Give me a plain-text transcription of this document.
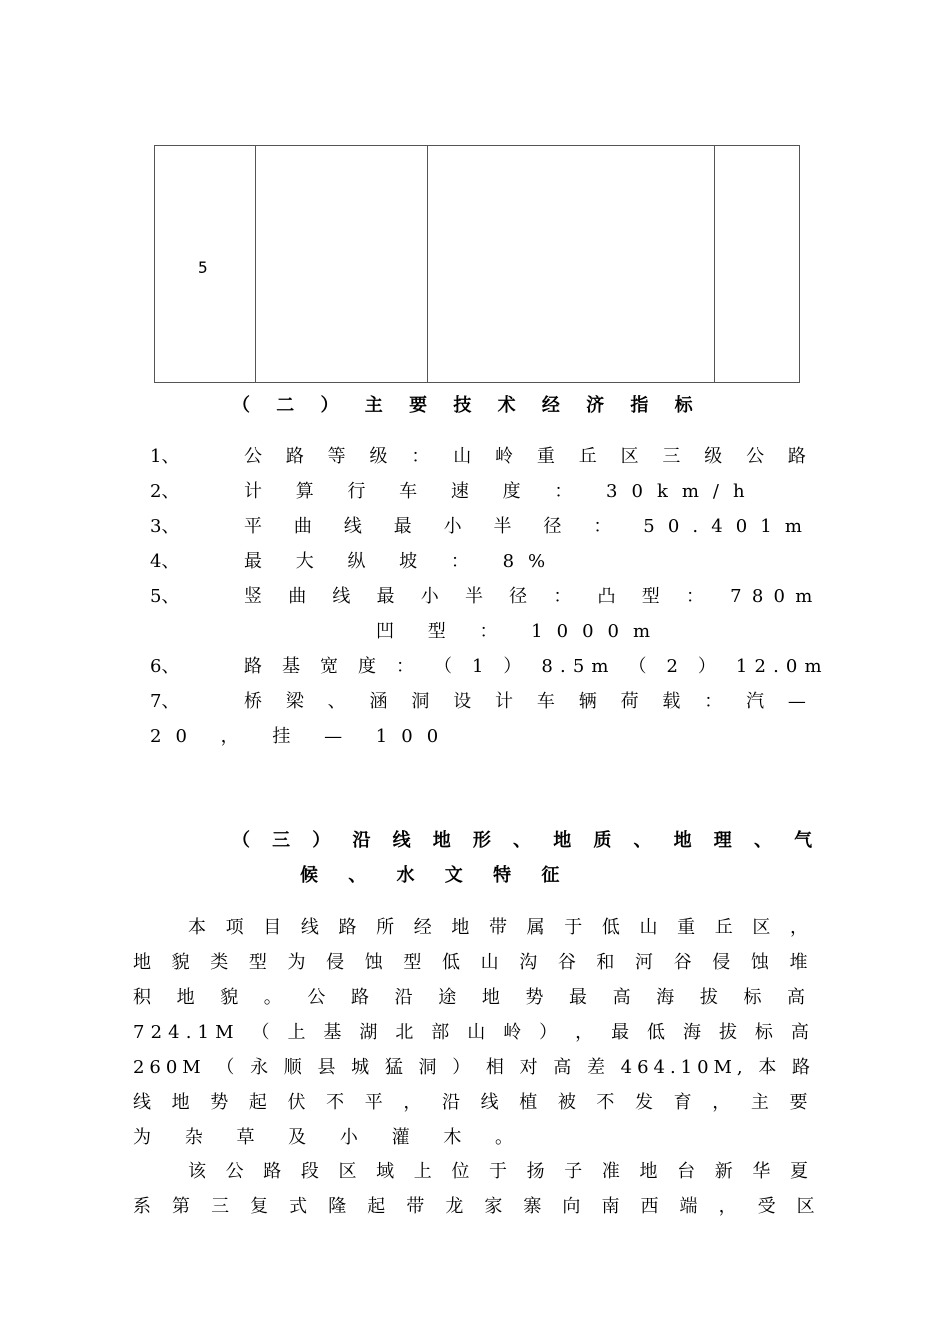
5
（ 二 ） 主 要 技 术 经 济 指 标
1、	公 路 等 级 ： 山 岭 重 丘 区 三 级 公 路
2、	计 算 行 车 速 度 ： 30km/h
3、	平 曲 线 最 小 半 径 ： 50.401m
4、	最 大 纵 坡 ： 8%
5、	竖 曲 线 最 小 半 径 ： 凸 型 ： 780m
凹 型 ： 1000m
6、	路 基 宽 度 ： （ 1 ） 8.5m （ 2 ） 12.0m
7、	桥 梁 、 涵 洞 设 计 车 辆 荷 载 ： 汽 —
20 ， 挂 — 100
（ 三 ） 沿 线 地 形 、 地 质 、 地 理 、 气
候 、 水 文 特 征
本 项 目 线 路 所 经 地 带 属 于 低 山 重 丘 区 ，
地 貌 类 型 为 侵 蚀 型 低 山 沟 谷 和 河 谷 侵 蚀 堆
积 地 貌 。 公 路 沿 途 地 势 最 高 海 拔 标 高
724.1M （ 上 基 湖 北 部 山 岭 ） ， 最 低 海 拔 标 高
260M （ 永 顺 县 城 猛 洞 ） 相 对 高 差 464.10M, 本 路
线 地 势 起 伏 不 平 ， 沿 线 植 被 不 发 育 ， 主 要
为 杂 草 及 小 灌 木 。
该 公 路 段 区 域 上 位 于 扬 子 准 地 台 新 华 夏
系 第 三 复 式 隆 起 带 龙 家 寨 向 南 西 端 ， 受 区
